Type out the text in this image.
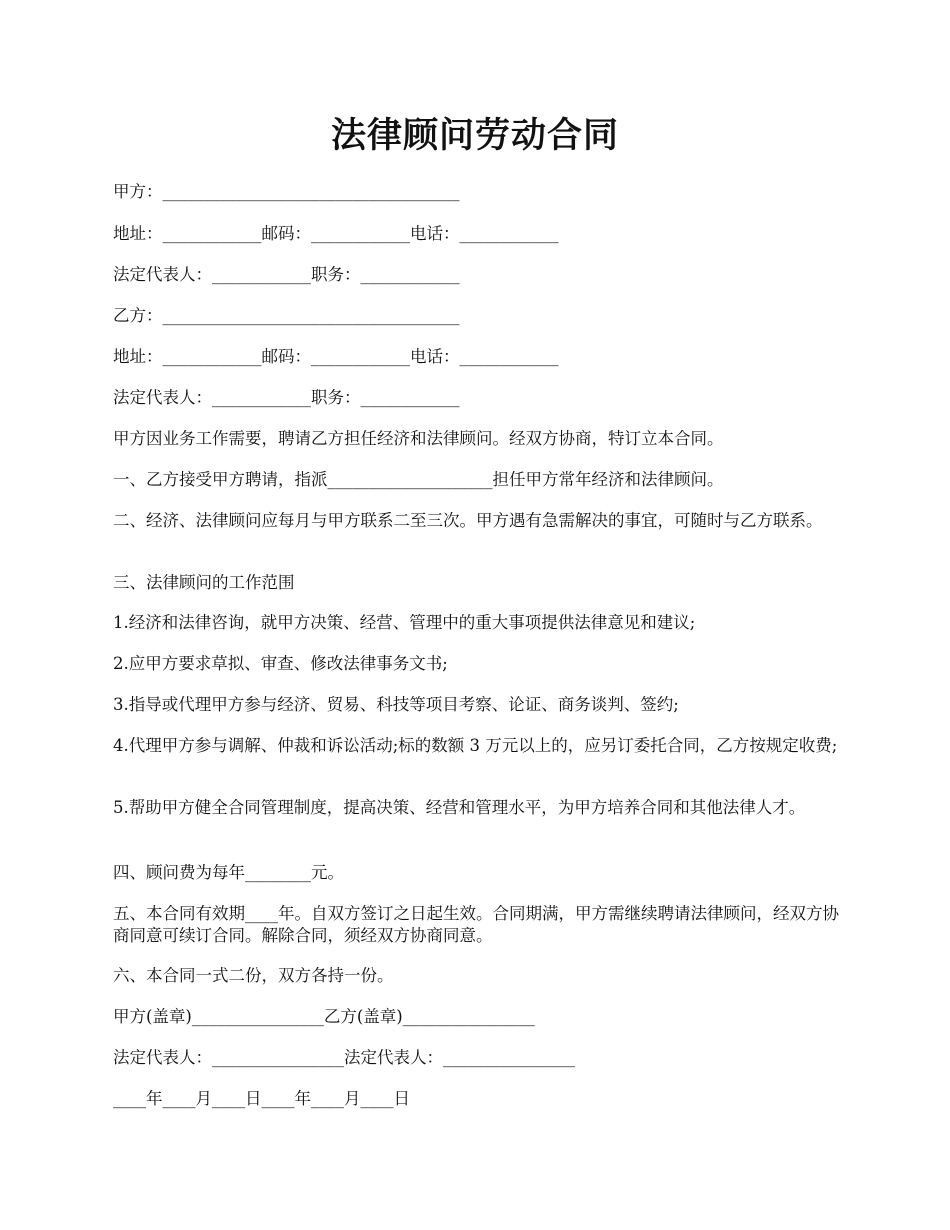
法律顾问劳动合同
甲方：____________________________________
地址：____________邮码：____________电话：____________
法定代表人：____________职务：____________
乙方：____________________________________
地址：____________邮码：____________电话：____________
法定代表人：____________职务：____________
甲方因业务工作需要，聘请乙方担任经济和法律顾问。经双方协商，特订立本合同。
一、乙方接受甲方聘请，指派____________________担任甲方常年经济和法律顾问。
二、经济、法律顾问应每月与甲方联系二至三次。甲方遇有急需解决的事宜，可随时与乙方联系。
三、法律顾问的工作范围
1.经济和法律咨询，就甲方决策、经营、管理中的重大事项提供法律意见和建议;
2.应甲方要求草拟、审查、修改法律事务文书;
3.指导或代理甲方参与经济、贸易、科技等项目考察、论证、商务谈判、签约;
4.代理甲方参与调解、仲裁和诉讼活动;标的数额 3 万元以上的，应另订委托合同，乙方按规定收费;
5.帮助甲方健全合同管理制度，提高决策、经营和管理水平，为甲方培养合同和其他法律人才。
四、顾问费为每年________元。
五、本合同有效期____年。自双方签订之日起生效。合同期满，甲方需继续聘请法律顾问，经双方协商同意可续订合同。解除合同，须经双方协商同意。
六、本合同一式二份，双方各持一份。
甲方(盖章)________________乙方(盖章)________________
法定代表人：________________法定代表人：________________
____年____月____日____年____月____日
